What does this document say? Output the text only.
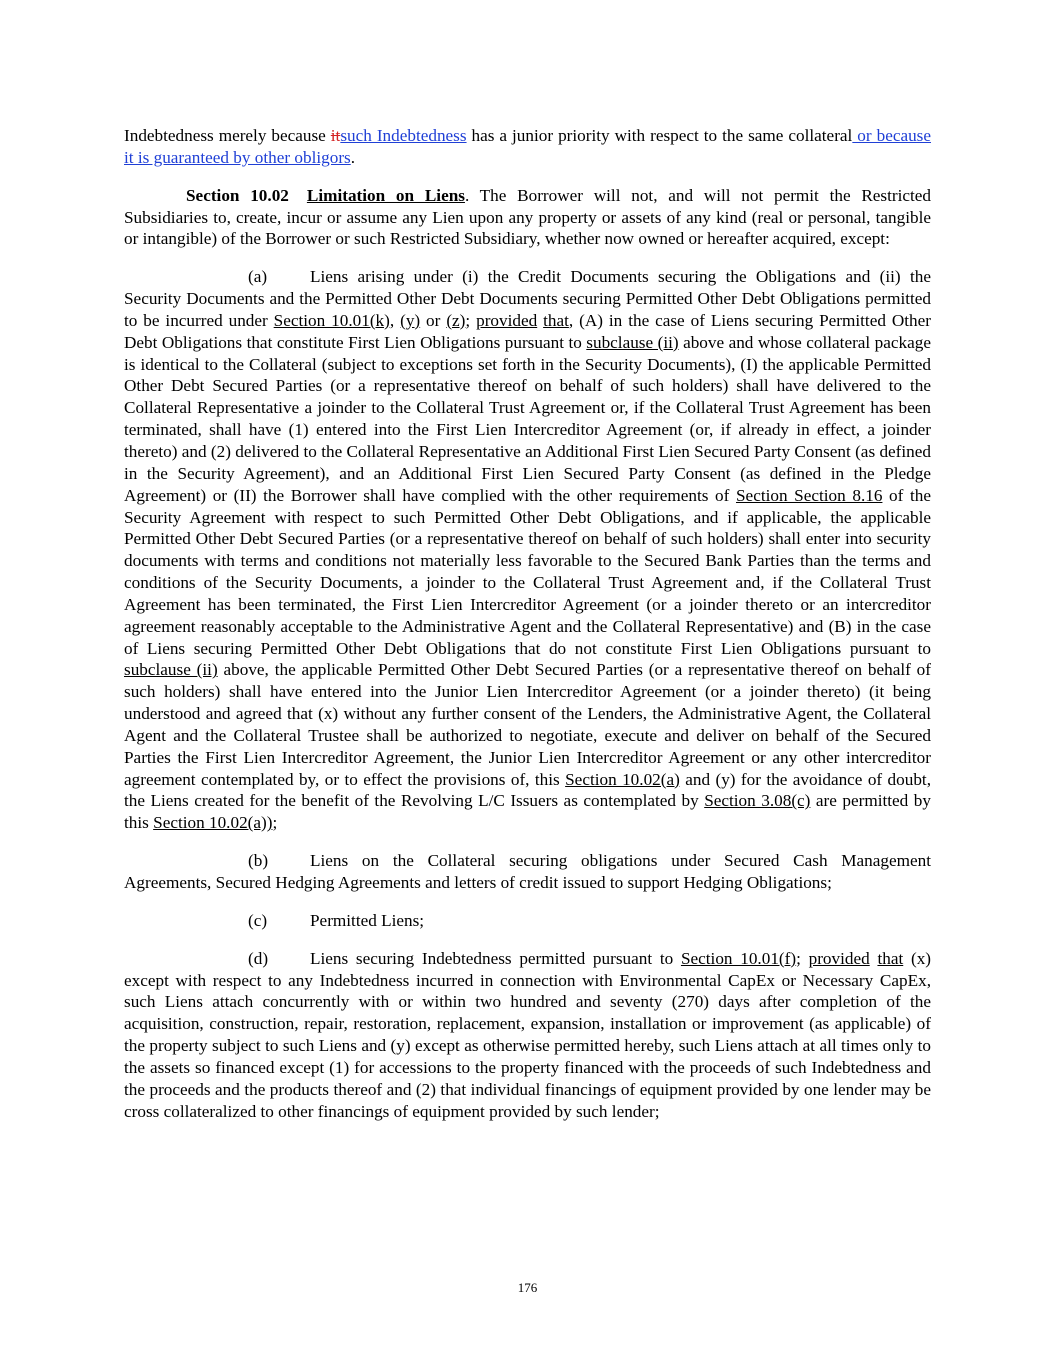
Indebtedness merely because itsuch Indebtedness has a junior priority with respect to the same collateral or because it is guaranteed by other obligors.

Section 10.02 Limitation on Liens. The Borrower will not, and will not permit the Restricted Subsidiaries to, create, incur or assume any Lien upon any property or assets of any kind (real or personal, tangible or intangible) of the Borrower or such Restricted Subsidiary, whether now owned or hereafter acquired, except:

(a) Liens arising under (i) the Credit Documents securing the Obligations and (ii) the Security Documents and the Permitted Other Debt Documents securing Permitted Other Debt Obligations permitted to be incurred under Section 10.01(k), (y) or (z); provided that, (A) in the case of Liens securing Permitted Other Debt Obligations that constitute First Lien Obligations pursuant to subclause (ii) above and whose collateral package is identical to the Collateral (subject to exceptions set forth in the Security Documents), (I) the applicable Permitted Other Debt Secured Parties (or a representative thereof on behalf of such holders) shall have delivered to the Collateral Representative a joinder to the Collateral Trust Agreement or, if the Collateral Trust Agreement has been terminated, shall have (1) entered into the First Lien Intercreditor Agreement (or, if already in effect, a joinder thereto) and (2) delivered to the Collateral Representative an Additional First Lien Secured Party Consent (as defined in the Security Agreement), and an Additional First Lien Secured Party Consent (as defined in the Pledge Agreement) or (II) the Borrower shall have complied with the other requirements of Section Section 8.16 of the Security Agreement with respect to such Permitted Other Debt Obligations, and if applicable, the applicable Permitted Other Debt Secured Parties (or a representative thereof on behalf of such holders) shall enter into security documents with terms and conditions not materially less favorable to the Secured Bank Parties than the terms and conditions of the Security Documents, a joinder to the Collateral Trust Agreement and, if the Collateral Trust Agreement has been terminated, the First Lien Intercreditor Agreement (or a joinder thereto or an intercreditor agreement reasonably acceptable to the Administrative Agent and the Collateral Representative) and (B) in the case of Liens securing Permitted Other Debt Obligations that do not constitute First Lien Obligations pursuant to subclause (ii) above, the applicable Permitted Other Debt Secured Parties (or a representative thereof on behalf of such holders) shall have entered into the Junior Lien Intercreditor Agreement (or a joinder thereto) (it being understood and agreed that (x) without any further consent of the Lenders, the Administrative Agent, the Collateral Agent and the Collateral Trustee shall be authorized to negotiate, execute and deliver on behalf of the Secured Parties the First Lien Intercreditor Agreement, the Junior Lien Intercreditor Agreement or any other intercreditor agreement contemplated by, or to effect the provisions of, this Section 10.02(a) and (y) for the avoidance of doubt, the Liens created for the benefit of the Revolving L/C Issuers as contemplated by Section 3.08(c) are permitted by this Section 10.02(a));

(b) Liens on the Collateral securing obligations under Secured Cash Management Agreements, Secured Hedging Agreements and letters of credit issued to support Hedging Obligations;

(c) Permitted Liens;

(d) Liens securing Indebtedness permitted pursuant to Section 10.01(f); provided that (x) except with respect to any Indebtedness incurred in connection with Environmental CapEx or Necessary CapEx, such Liens attach concurrently with or within two hundred and seventy (270) days after completion of the acquisition, construction, repair, restoration, replacement, expansion, installation or improvement (as applicable) of the property subject to such Liens and (y) except as otherwise permitted hereby, such Liens attach at all times only to the assets so financed except (1) for accessions to the property financed with the proceeds of such Indebtedness and the proceeds and the products thereof and (2) that individual financings of equipment provided by one lender may be cross collateralized to other financings of equipment provided by such lender;

176
